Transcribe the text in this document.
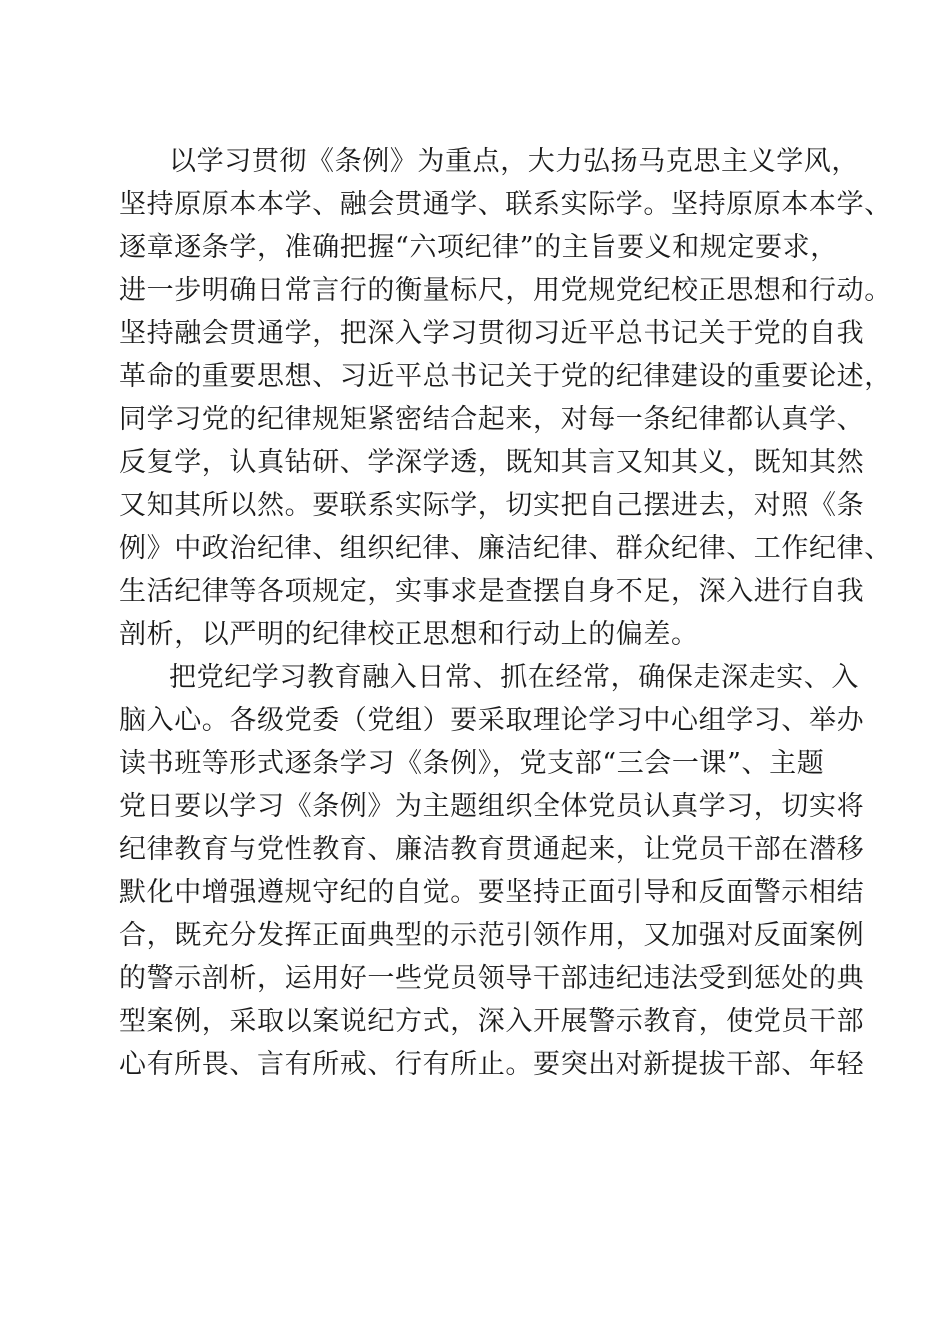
以学习贯彻《条例》为重点，大力弘扬马克思主义学风，
坚持原原本本学、融会贯通学、联系实际学。坚持原原本本学、
逐章逐条学，准确把握“六项纪律”的主旨要义和规定要求，
进一步明确日常言行的衡量标尺，用党规党纪校正思想和行动。
坚持融会贯通学，把深入学习贯彻习近平总书记关于党的自我
革命的重要思想、习近平总书记关于党的纪律建设的重要论述，
同学习党的纪律规矩紧密结合起来，对每一条纪律都认真学、
反复学，认真钻研、学深学透，既知其言又知其义，既知其然
又知其所以然。要联系实际学，切实把自己摆进去，对照《条
例》中政治纪律、组织纪律、廉洁纪律、群众纪律、工作纪律、
生活纪律等各项规定，实事求是查摆自身不足，深入进行自我
剖析，以严明的纪律校正思想和行动上的偏差。
把党纪学习教育融入日常、抓在经常，确保走深走实、入
脑入心。各级党委（党组）要采取理论学习中心组学习、举办
读书班等形式逐条学习《条例》，党支部“三会一课”、主题
党日要以学习《条例》为主题组织全体党员认真学习，切实将
纪律教育与党性教育、廉洁教育贯通起来，让党员干部在潜移
默化中增强遵规守纪的自觉。要坚持正面引导和反面警示相结
合，既充分发挥正面典型的示范引领作用，又加强对反面案例
的警示剖析，运用好一些党员领导干部违纪违法受到惩处的典
型案例，采取以案说纪方式，深入开展警示教育，使党员干部
心有所畏、言有所戒、行有所止。要突出对新提拔干部、年轻
